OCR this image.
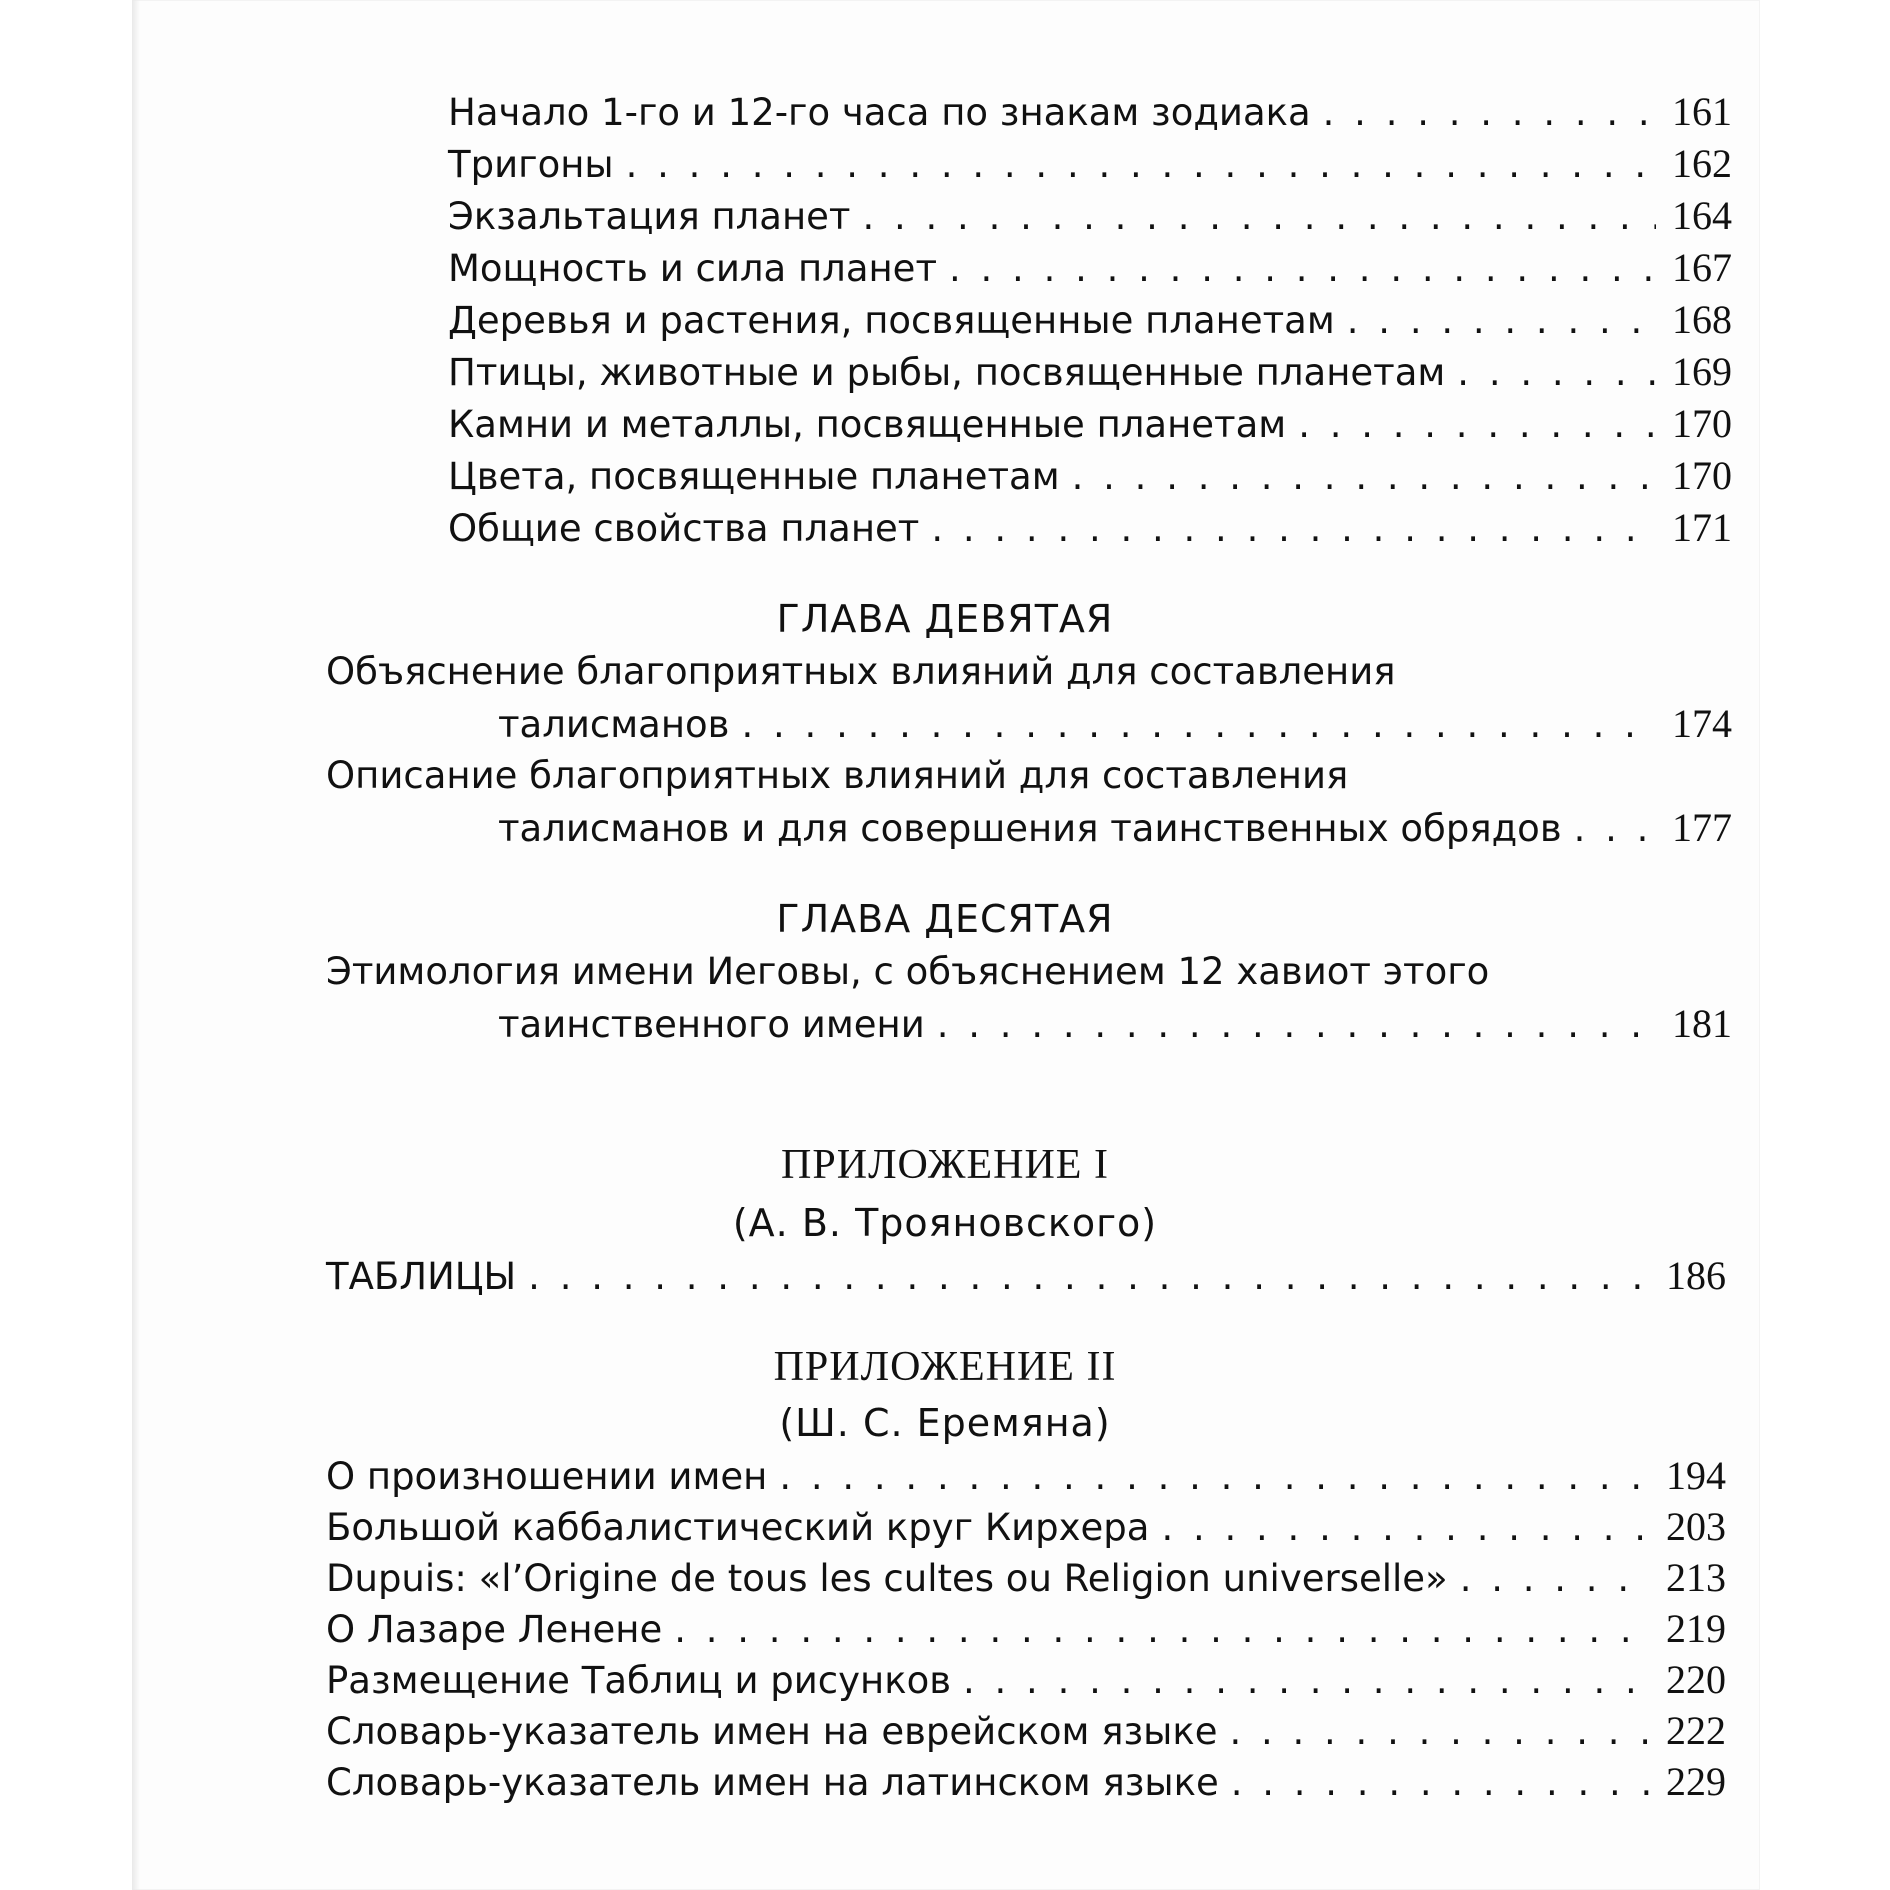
Начало 1-го и 12-го часа по знакам зодиака . . .	161
Тригоны . . .	162
Экзальтация планет . . .	164
Мощность и сила планет . . .	167
Деревья и растения, посвященные планетам . . .	168
Птицы, животные и рыбы, посвященные планетам . . .	169
Камни и металлы, посвященные планетам . . .	170
Цвета, посвященные планетам . . .	170
Общие свойства планет . . .	171
ГЛАВА ДЕВЯТАЯ
Объяснение благоприятных влияний для составления
талисманов . . .	174
Описание благоприятных влияний для составления
талисманов и для совершения таинственных обрядов . . .	177
ГЛАВА ДЕСЯТАЯ
Этимология имени Иеговы, с объяснением 12 хавиот этого
таинственного имени . . .	181
ПРИЛОЖЕНИЕ I
(А. В. Трояновского)
ТАБЛИЦЫ . . .	186
ПРИЛОЖЕНИЕ II
(Ш. С. Еремяна)
О произношении имен . . .	194
Большой каббалистический круг Кирхера . . .	203
Dupuis: «l’Origine de tous les cultes ou Religion universelle» . . .	213
О Лазаре Ленене . . .	219
Размещение Таблиц и рисунков . . .	220
Словарь-указатель имен на еврейском языке . . .	222
Словарь-указатель имен на латинском языке . . .	229
